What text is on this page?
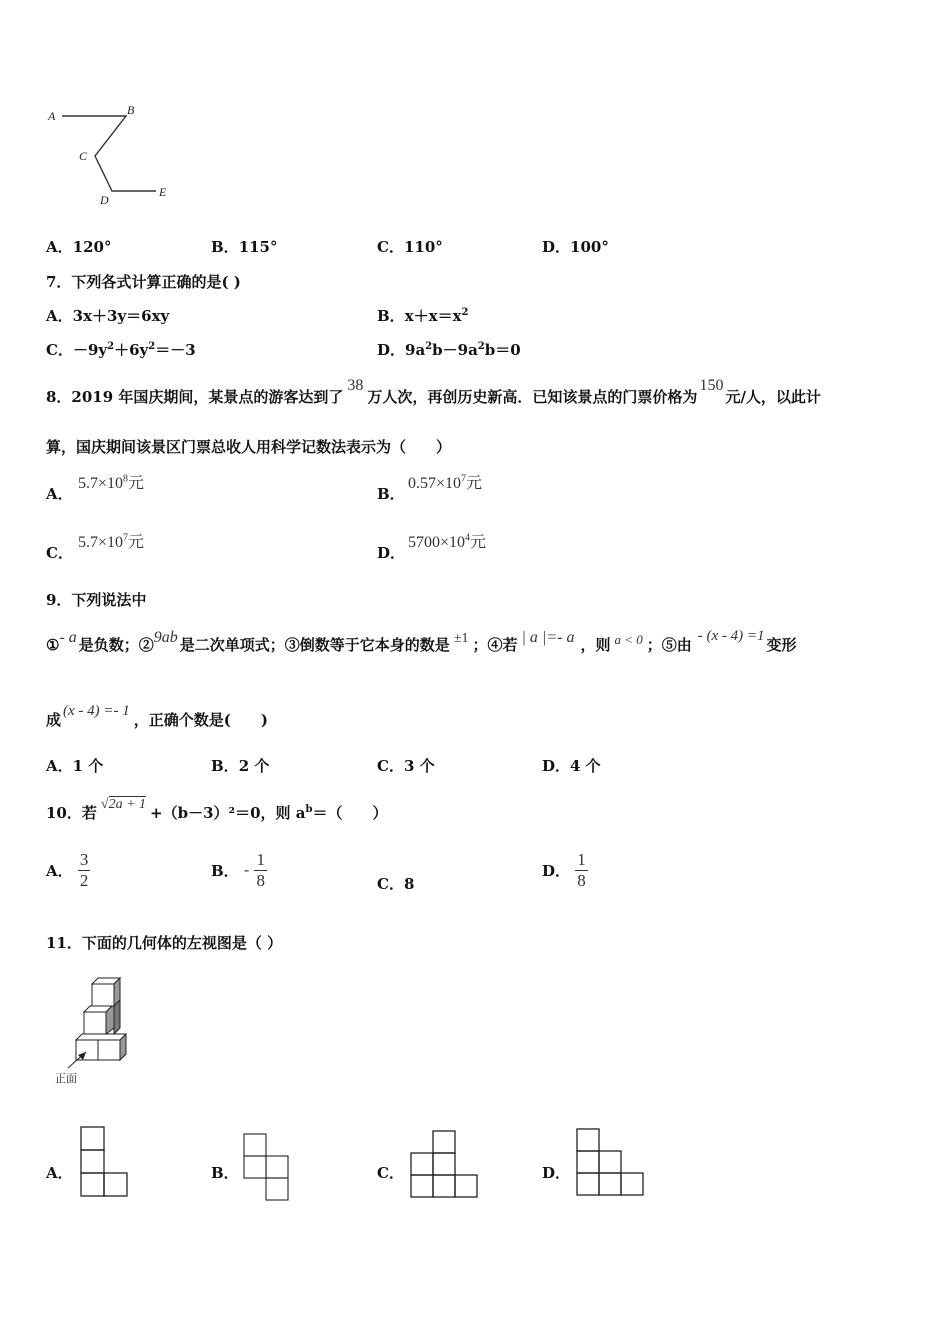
A	B
C
D
E
A．120°	B．115°	C．110°	D．100°
7．下列各式计算正确的是( )
A．3x＋3y＝6xy	B．$x+x=x^2$
C．$-9y^2+6y^2=-3$	D．$9a^2b-9a^2b=0$
8．2019 年国庆期间，某景点的游客达到了38万人次，再创历史新高．已知该景点的门票价格为150元/人，以此计
算，国庆期间该景区门票总收人用科学记数法表示为（　　）
A．
$5.7\times 10^8$元
B．
$0.57\times 10^7$元
C．
$5.7\times 10^7$元
D．
$5700\times 10^4$元
9．下列说法中
①- a 是负数；②9ab 是二次单项式；③倒数等于它本身的数是 ±1 ；④若 | a |=- a ，则 a < 0 ；⑤由 - (x - 4) =1 变形
成 (x - 4) =- 1 ，正确个数是(　　)
A．1 个	B．2 个	C．3 个	D．4 个
10．若 √2a + 1 +（b－3）²＝0，则 $a^b=$（　　）
A． $\frac{3}{2}$	B． - $\frac{1}{8}$	C．8
D． $\frac{1}{8}$
11．下面的几何体的左视图是（ ）
正面
A．	B．	C．	D．
